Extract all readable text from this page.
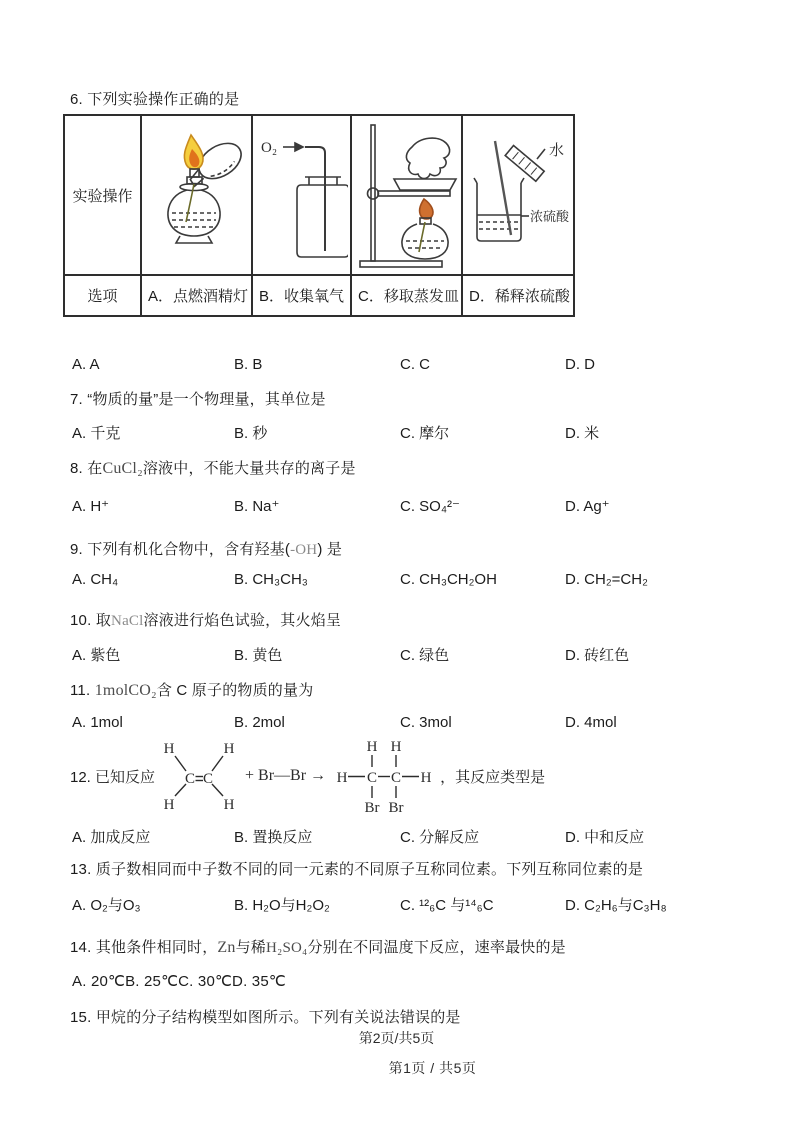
6. 下列实验操作正确的是
实验操作
O₂	水
浓硫酸
选项	A．点燃酒精灯 B．收集氧气 C．移取蒸发皿 D．稀释浓硫酸
A. A	B. B	C. C	D. D
7. “物质的量”是一个物理量，其单位是
A. 千克	B. 秒	C. 摩尔	D. 米
8. 在CuCl₂溶液中，不能大量共存的离子是
A. H⁺	B. Na⁺	C. SO₄²⁻	D. Ag⁺
9. 下列有机化合物中，含有羟基(-OH) 是
A. CH₄	B. CH₃CH₃	C. CH₃CH₂OH	D. CH₂=CH₂
10. 取NaCl溶液进行焰色试验，其火焰呈
A. 紫色	B. 黄色	C. 绿色	D. 砖红色
11. 1molCO₂含 C 原子的物质的量为
A. 1mol	B. 2mol	C. 3mol	D. 4mol
12. 已知反应
H	H
H	H
C C + Br—Br →
H H
H C C H
Br Br
，其反应类型是
A. 加成反应	B. 置换反应	C. 分解反应	D. 中和反应
13. 质子数相同而中子数不同的同一元素的不同原子互称同位素。下列互称同位素的是
A. O₂与O₃	B. H₂O与H₂O₂	C. ¹²₆C 与¹⁴₆C	D. C₂H₆与C₃H₈
14. 其他条件相同时，Zn与稀H₂SO₄分别在不同温度下反应，速率最快的是
A. 20℃B. 25℃C. 30℃D. 35℃
15. 甲烷的分子结构模型如图所示。下列有关说法错误的是
第2页/共5页
第1页 / 共5页
